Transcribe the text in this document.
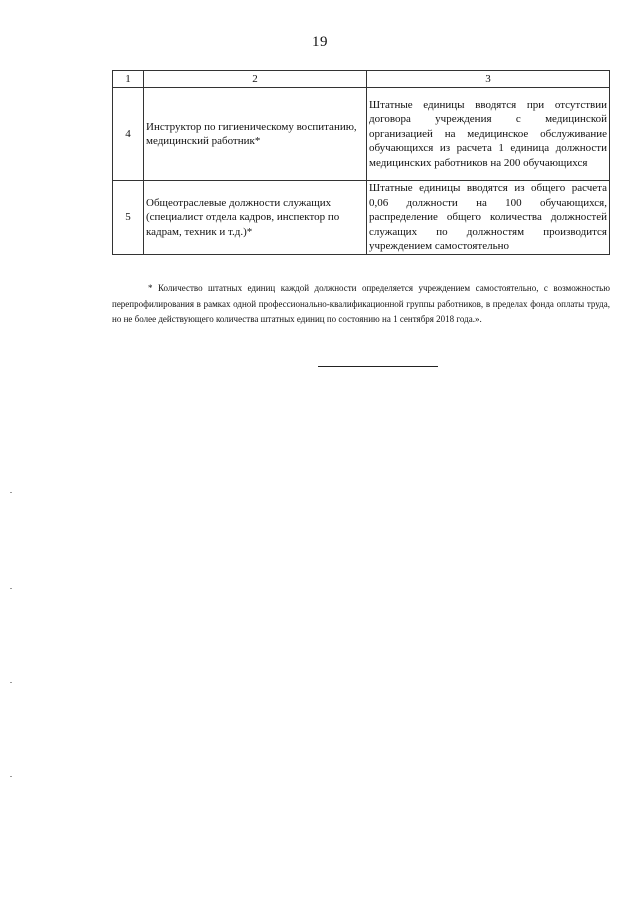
19
1	2	3
4	Инструктор по гигиеническому воспитанию, медицинский работник*	Штатные единицы вводятся при отсутствии договора учреждения с медицинской организацией на медицинское обслуживание обучающихся из расчета 1 единица должности медицинских работников на 200 обучающихся
5	Общеотраслевые должности служащих (специалист отдела кадров, инспектор по кадрам, техник и т.д.)*	Штатные единицы вводятся из общего расчета 0,06 должности на 100 обучающихся, распределение общего количества должностей служащих по должностям производится учреждением самостоятельно
* Количество штатных единиц каждой должности определяется учреждением самостоятельно, с возможностью перепрофилирования в рамках одной профессионально-квалификационной группы работников, в пределах фонда оплаты труда, но не более действующего количества штатных единиц по состоянию на 1 сентября 2018 года.».
